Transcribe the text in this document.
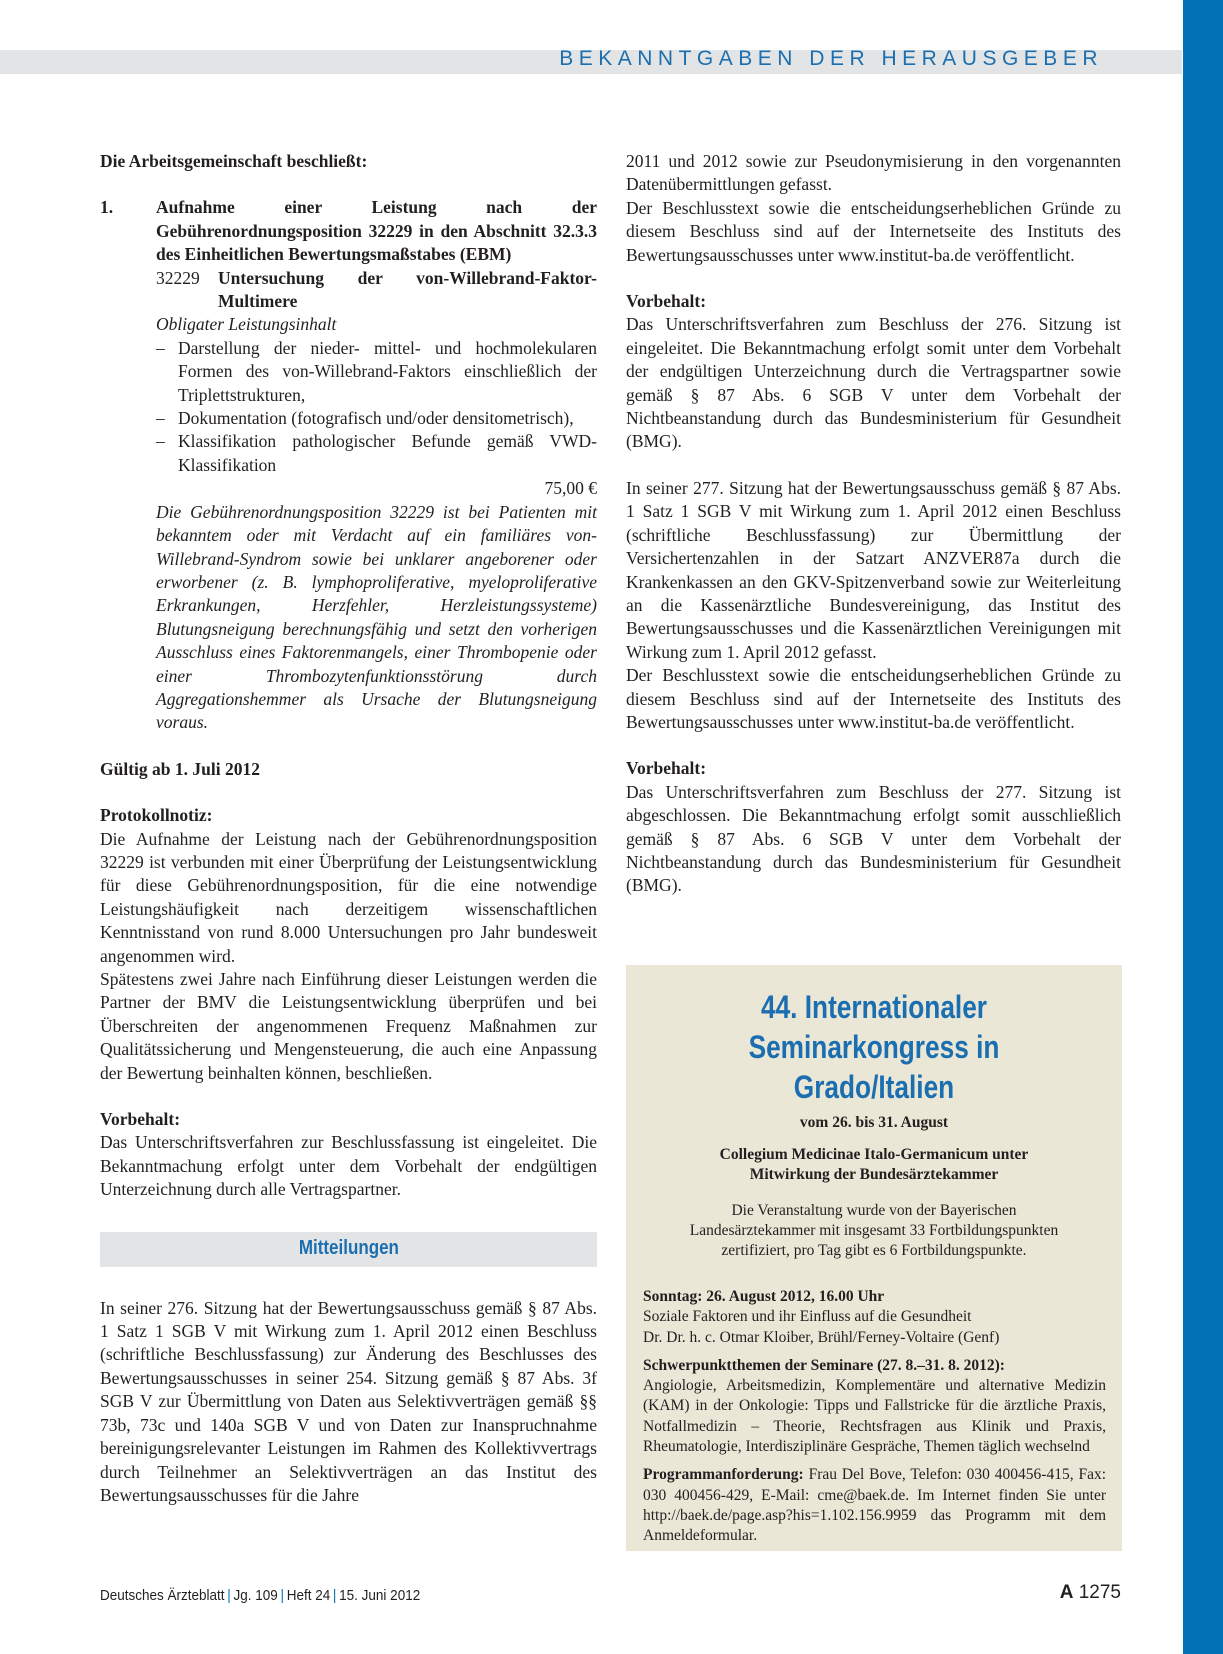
BEKANNTGABEN DER HERAUSGEBER

Die Arbeitsgemeinschaft beschließt:

1.	Aufnahme einer Leistung nach der Gebührenordnungsposition 32229 in den Abschnitt 32.3.3 des Einheitlichen Bewertungsmaßstabes (EBM)

32229	Untersuchung der von-Willebrand-Faktor-
Multimere

Obligater Leistungsinhalt

– Darstellung der nieder- mittel- und hochmolekularen Formen des von-Willebrand-Faktors einschließlich der Triplettstrukturen,
– Dokumentation (fotografisch und/oder densitometrisch),
– Klassifikation pathologischer Befunde gemäß VWD-Klassifikation

75,00 €

Die Gebührenordnungsposition 32229 ist bei Patienten mit bekanntem oder mit Verdacht auf ein familiäres von-Willebrand-Syndrom sowie bei unklarer angeborener oder erworbener (z. B. lymphoproliferative, myeloproliferative Erkrankungen, Herzfehler, Herzleistungssysteme) Blutungsneigung berechnungsfähig und setzt den vorherigen Ausschluss eines Faktorenmangels, einer Thrombopenie oder einer Thrombozytenfunktionsstörung durch Aggregationshemmer als Ursache der Blutungsneigung voraus.

Gültig ab 1. Juli 2012

Protokollnotiz:

Die Aufnahme der Leistung nach der Gebührenordnungsposition 32229 ist verbunden mit einer Überprüfung der Leistungsentwicklung für diese Gebührenordnungsposition, für die eine notwendige Leistungshäufigkeit nach derzeitigem wissenschaftlichen Kenntnisstand von rund 8.000 Untersuchungen pro Jahr bundesweit angenommen wird.

Spätestens zwei Jahre nach Einführung dieser Leistungen werden die Partner der BMV die Leistungsentwicklung überprüfen und bei Überschreiten der angenommenen Frequenz Maßnahmen zur Qualitätssicherung und Mengensteuerung, die auch eine Anpassung der Bewertung beinhalten können, beschließen.

Vorbehalt:

Das Unterschriftsverfahren zur Beschlussfassung ist eingeleitet. Die Bekanntmachung erfolgt unter dem Vorbehalt der endgültigen Unterzeichnung durch alle Vertragspartner.

Mitteilungen

In seiner 276. Sitzung hat der Bewertungsausschuss gemäß § 87 Abs. 1 Satz 1 SGB V mit Wirkung zum 1. April 2012 einen Beschluss (schriftliche Beschlussfassung) zur Änderung des Beschlusses des Bewertungsausschusses in seiner 254. Sitzung gemäß § 87 Abs. 3f SGB V zur Übermittlung von Daten aus Selektivverträgen gemäß §§ 73b, 73c und 140a SGB V und von Daten zur Inanspruchnahme bereinigungsrelevanter Leistungen im Rahmen des Kollektivvertrags durch Teilnehmer an Selektivverträgen an das Institut des Bewertungsausschusses für die Jahre

2011 und 2012 sowie zur Pseudonymisierung in den vorgenannten Datenübermittlungen gefasst.

Der Beschlusstext sowie die entscheidungserheblichen Gründe zu diesem Beschluss sind auf der Internetseite des Instituts des Bewertungsausschusses unter www.institut-ba.de veröffentlicht.

Vorbehalt:

Das Unterschriftsverfahren zum Beschluss der 276. Sitzung ist eingeleitet. Die Bekanntmachung erfolgt somit unter dem Vorbehalt der endgültigen Unterzeichnung durch die Vertragspartner sowie gemäß § 87 Abs. 6 SGB V unter dem Vorbehalt der Nichtbeanstandung durch das Bundesministerium für Gesundheit (BMG).

In seiner 277. Sitzung hat der Bewertungsausschuss gemäß § 87 Abs. 1 Satz 1 SGB V mit Wirkung zum 1. April 2012 einen Beschluss (schriftliche Beschlussfassung) zur Übermittlung der Versichertenzahlen in der Satzart ANZVER87a durch die Krankenkassen an den GKV-Spitzenverband sowie zur Weiterleitung an die Kassenärztliche Bundesvereinigung, das Institut des Bewertungsausschusses und die Kassenärztlichen Vereinigungen mit Wirkung zum 1. April 2012 gefasst.

Der Beschlusstext sowie die entscheidungserheblichen Gründe zu diesem Beschluss sind auf der Internetseite des Instituts des Bewertungsausschusses unter www.institut-ba.de veröffentlicht.

Vorbehalt:

Das Unterschriftsverfahren zum Beschluss der 277. Sitzung ist abgeschlossen. Die Bekanntmachung erfolgt somit ausschließlich gemäß § 87 Abs. 6 SGB V unter dem Vorbehalt der Nichtbeanstandung durch das Bundesministerium für Gesundheit (BMG).

44. Internationaler
Seminarkongress in Grado/Italien

vom 26. bis 31. August

Collegium Medicinae Italo-Germanicum unter
Mitwirkung der Bundesärztekammer

Die Veranstaltung wurde von der Bayerischen Landesärztekammer mit insgesamt 33 Fortbildungspunkten zertifiziert, pro Tag gibt es 6 Fortbildungspunkte.

Sonntag: 26. August 2012, 16.00 Uhr

Soziale Faktoren und ihr Einfluss auf die Gesundheit

Dr. Dr. h. c. Otmar Kloiber, Brühl/Ferney-Voltaire (Genf)

Schwerpunktthemen der Seminare (27. 8.–31. 8. 2012):

Angiologie, Arbeitsmedizin, Komplementäre und alternative Medizin (KAM) in der Onkologie: Tipps und Fallstricke für die ärztliche Praxis, Notfallmedizin – Theorie, Rechtsfragen aus Klinik und Praxis, Rheumatologie, Interdisziplinäre Gespräche, Themen täglich wechselnd

Programmanforderung: Frau Del Bove, Telefon: 030 400456-415, Fax: 030 400456-429, E-Mail: cme@baek.de. Im Internet finden Sie unter http://baek.de/page.asp?his=1.102.156.9959 das Programm mit dem Anmeldeformular.

Deutsches Ärzteblatt | Jg. 109 | Heft 24 | 15. Juni 2012	A 1275
